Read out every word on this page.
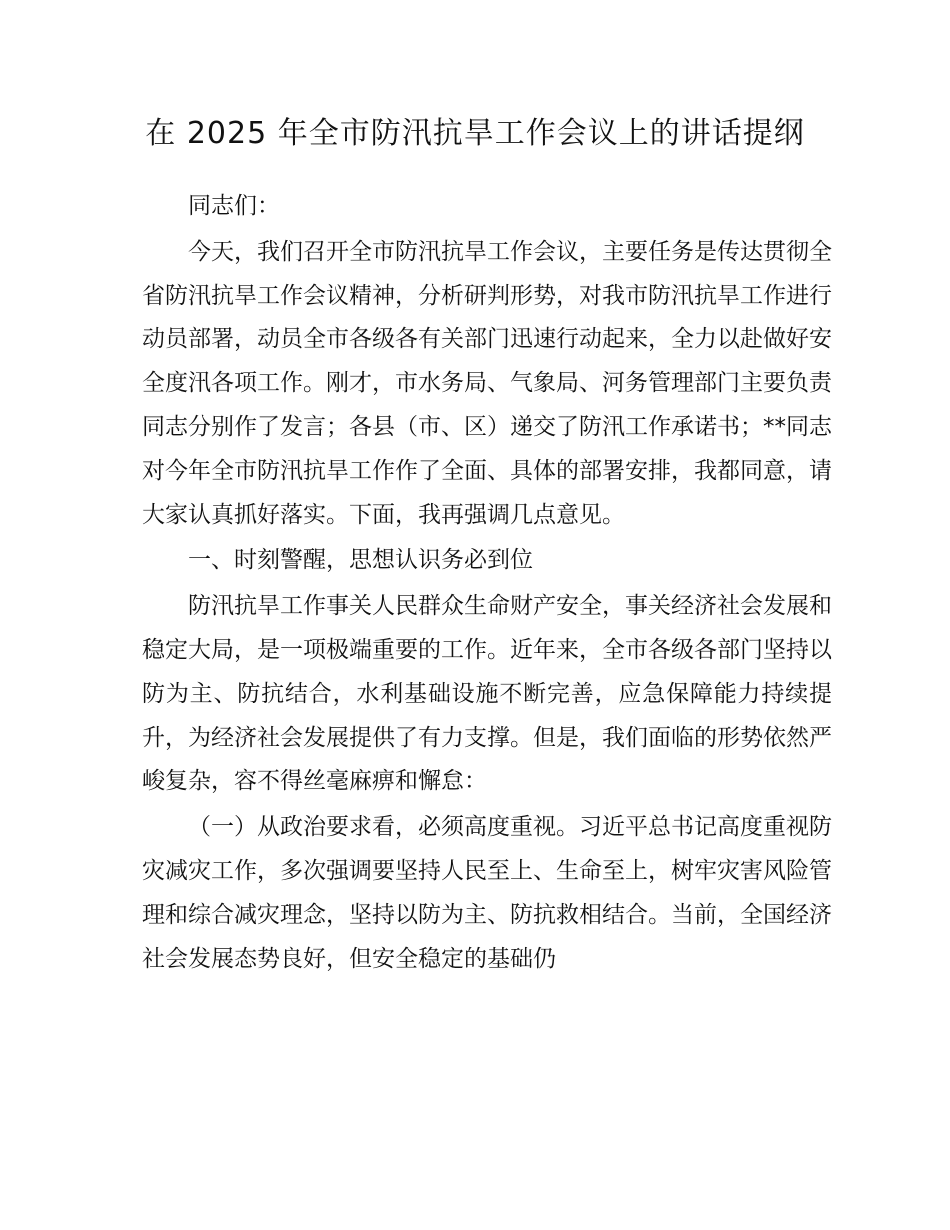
在 2025 年全市防汛抗旱工作会议上的讲话提纲

同志们：

今天，我们召开全市防汛抗旱工作会议，主要任务是传达贯彻全省防汛抗旱工作会议精神，分析研判形势，对我市防汛抗旱工作进行动员部署，动员全市各级各有关部门迅速行动起来，全力以赴做好安全度汛各项工作。刚才，市水务局、气象局、河务管理部门主要负责同志分别作了发言；各县（市、区）递交了防汛工作承诺书；**同志对今年全市防汛抗旱工作作了全面、具体的部署安排，我都同意，请大家认真抓好落实。下面，我再强调几点意见。

一、时刻警醒，思想认识务必到位

防汛抗旱工作事关人民群众生命财产安全，事关经济社会发展和稳定大局，是一项极端重要的工作。近年来，全市各级各部门坚持以防为主、防抗结合，水利基础设施不断完善，应急保障能力持续提升，为经济社会发展提供了有力支撑。但是，我们面临的形势依然严峻复杂，容不得丝毫麻痹和懈怠：

（一）从政治要求看，必须高度重视。习近平总书记高度重视防灾减灾工作，多次强调要坚持人民至上、生命至上，树牢灾害风险管理和综合减灾理念，坚持以防为主、防抗救相结合。当前，全国经济社会发展态势良好，但安全稳定的基础仍
